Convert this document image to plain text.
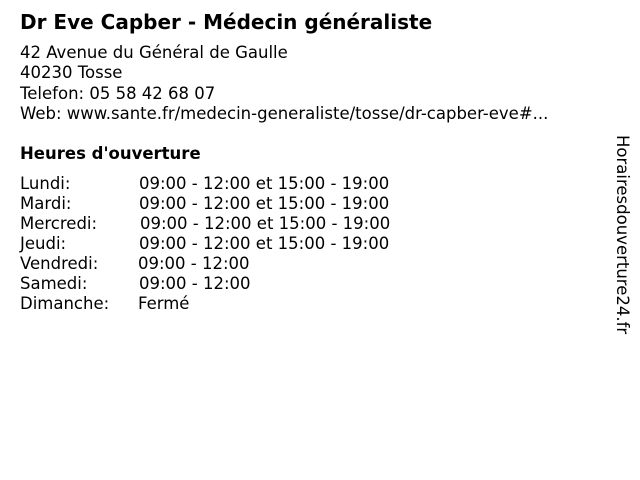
Dr Eve Capber - Médecin généraliste
42 Avenue du Général de Gaulle
40230 Tosse
Telefon: 05 58 42 68 07
Web: www.sante.fr/medecin-generaliste/tosse/dr-capber-eve#...
Heures d'ouverture
Lundi:	09:00 - 12:00 et 15:00 - 19:00
Mardi:	09:00 - 12:00 et 15:00 - 19:00
Mercredi:	09:00 - 12:00 et 15:00 - 19:00
Jeudi:	09:00 - 12:00 et 15:00 - 19:00
Vendredi: 09:00 - 12:00
Samedi:	09:00 - 12:00
Dimanche: Fermé	Horairesdouverture24.fr
